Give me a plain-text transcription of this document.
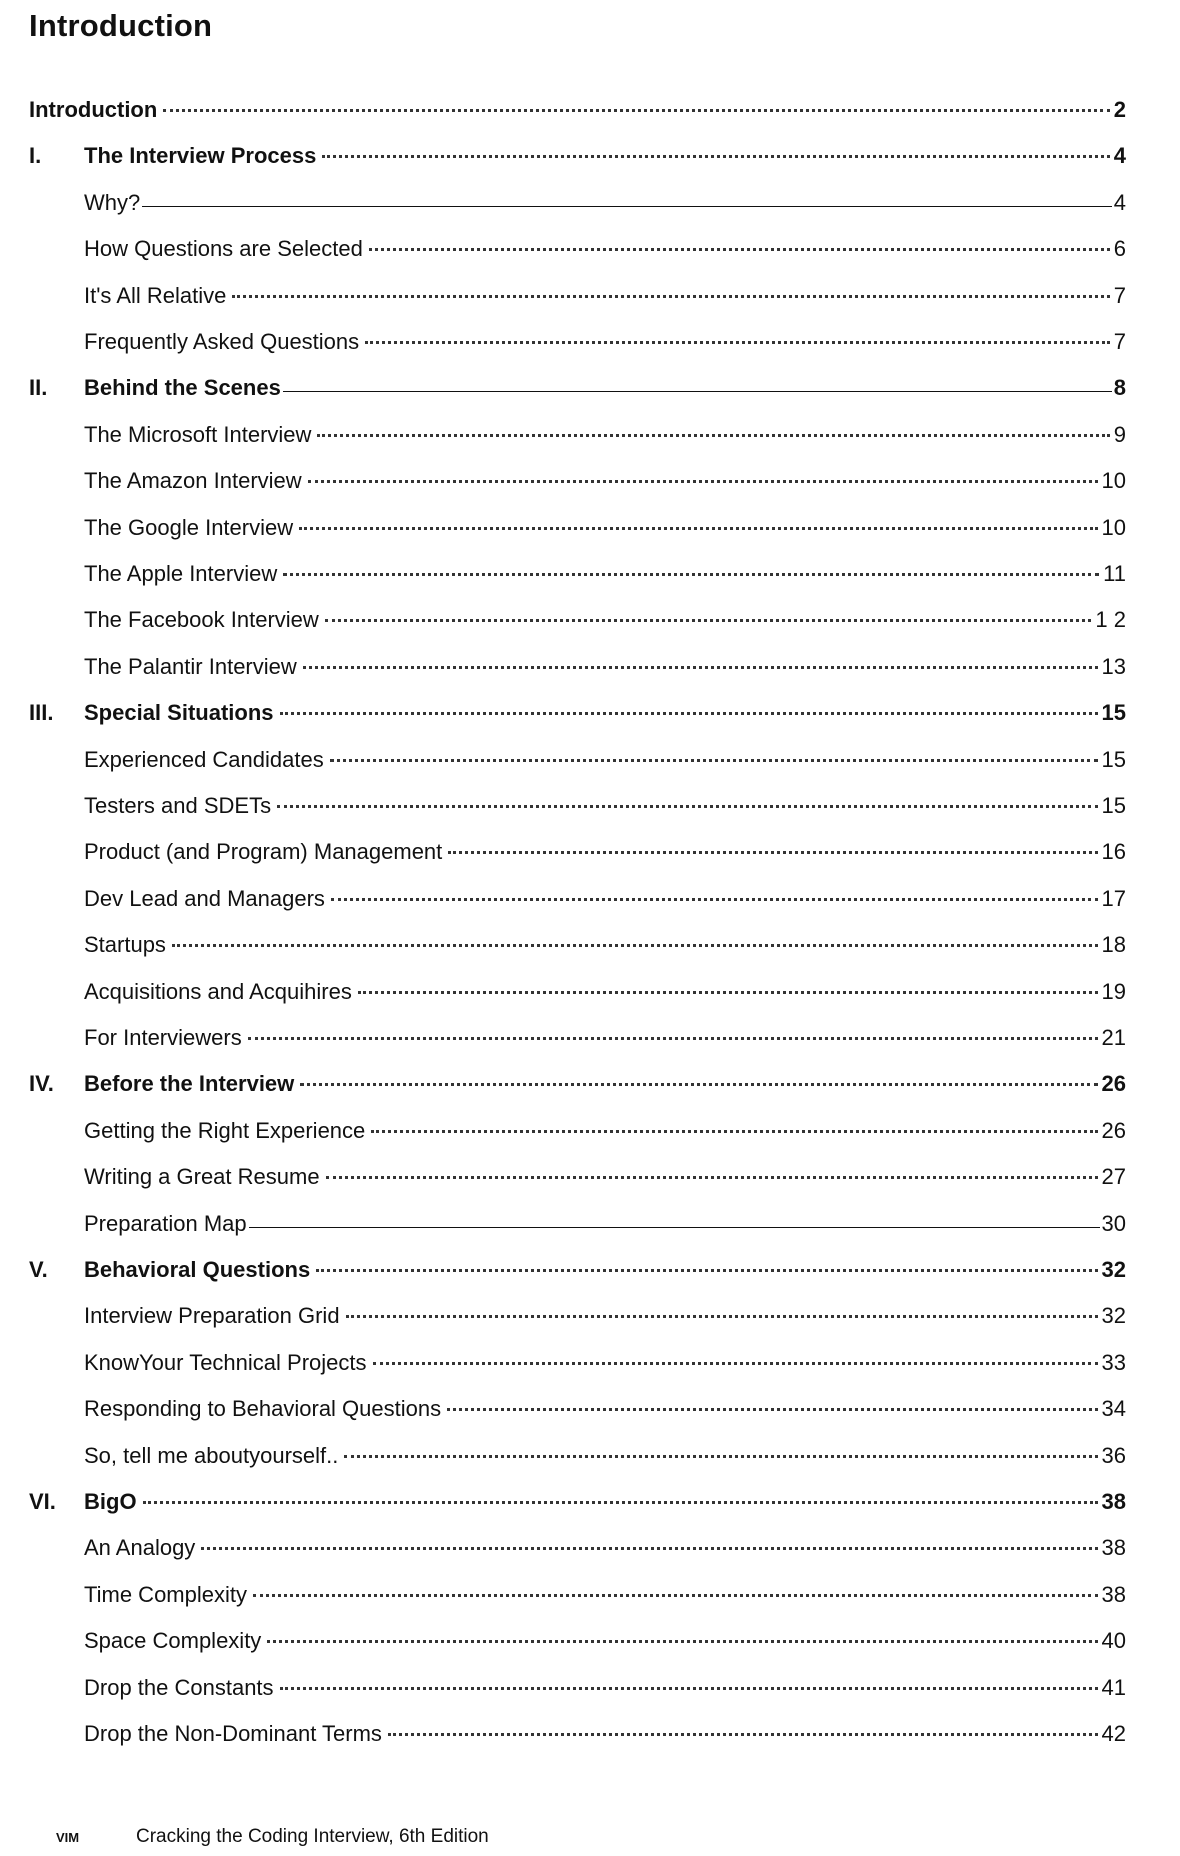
Introduction
Introduction	2
I. The Interview Process	4
Why?	4
How Questions are Selected	6
It's All Relative	7
Frequently Asked Questions	7
II. Behind the Scenes	8
The Microsoft Interview	9
The Amazon Interview	10
The Google Interview	10
The Apple Interview	11
The Facebook Interview	1 2
The Palantir Interview	13
III. Special Situations	15
Experienced Candidates	15
Testers and SDETs	15
Product (and Program) Management	16
Dev Lead and Managers	17
Startups	18
Acquisitions and Acquihires	19
For Interviewers	21
IV. Before the Interview	26
Getting the Right Experience	26
Writing a Great Resume	27
Preparation Map	30
V. Behavioral Questions	32
Interview Preparation Grid	32
KnowYour Technical Projects	33
Responding to Behavioral Questions	34
So, tell me aboutyourself..	36
VI. BigO	38
An Analogy	38
Time Complexity	38
Space Complexity	40
Drop the Constants	41
Drop the Non-Dominant Terms	42
VIM	Cracking the Coding Interview, 6th Edition
